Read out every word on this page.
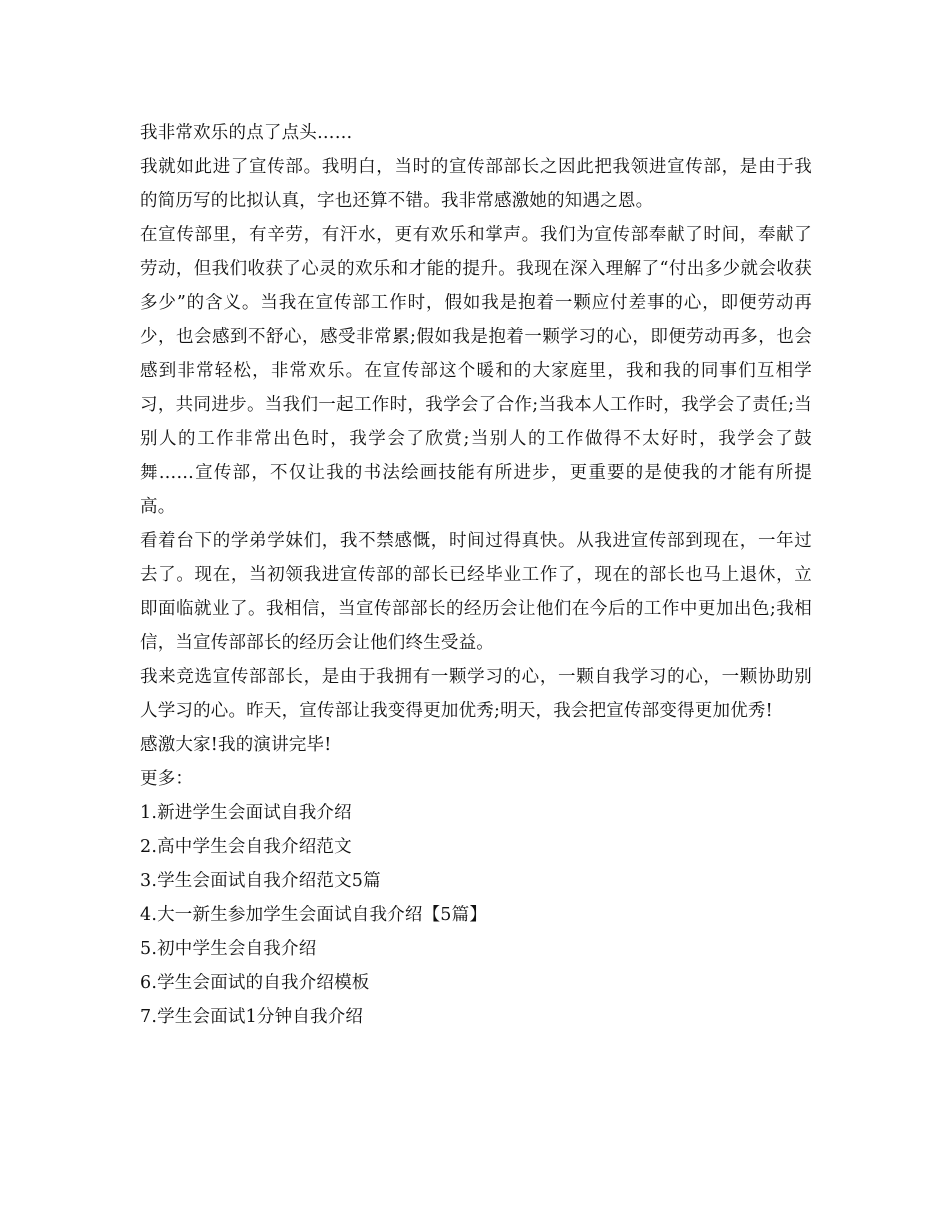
我非常欢乐的点了点头……

我就如此进了宣传部。我明白，当时的宣传部部长之因此把我领进宣传部，是由于我的简历写的比拟认真，字也还算不错。我非常感激她的知遇之恩。

在宣传部里，有辛劳，有汗水，更有欢乐和掌声。我们为宣传部奉献了时间，奉献了劳动，但我们收获了心灵的欢乐和才能的提升。我现在深入理解了“付出多少就会收获多少”的含义。当我在宣传部工作时，假如我是抱着一颗应付差事的心，即便劳动再少，也会感到不舒心，感受非常累;假如我是抱着一颗学习的心，即便劳动再多，也会感到非常轻松，非常欢乐。在宣传部这个暖和的大家庭里，我和我的同事们互相学习，共同进步。当我们一起工作时，我学会了合作;当我本人工作时，我学会了责任;当别人的工作非常出色时，我学会了欣赏;当别人的工作做得不太好时，我学会了鼓舞……宣传部，不仅让我的书法绘画技能有所进步，更重要的是使我的才能有所提高。

看着台下的学弟学妹们，我不禁感慨，时间过得真快。从我进宣传部到现在，一年过去了。现在，当初领我进宣传部的部长已经毕业工作了，现在的部长也马上退休，立即面临就业了。我相信，当宣传部部长的经历会让他们在今后的工作中更加出色;我相信，当宣传部部长的经历会让他们终生受益。

我来竞选宣传部部长，是由于我拥有一颗学习的心，一颗自我学习的心，一颗协助别人学习的心。昨天，宣传部让我变得更加优秀;明天，我会把宣传部变得更加优秀!

感激大家!我的演讲完毕!

更多：

1.新进学生会面试自我介绍
2.高中学生会自我介绍范文
3.学生会面试自我介绍范文5篇
4.大一新生参加学生会面试自我介绍【5篇】
5.初中学生会自我介绍
6.学生会面试的自我介绍模板
7.学生会面试1分钟自我介绍
